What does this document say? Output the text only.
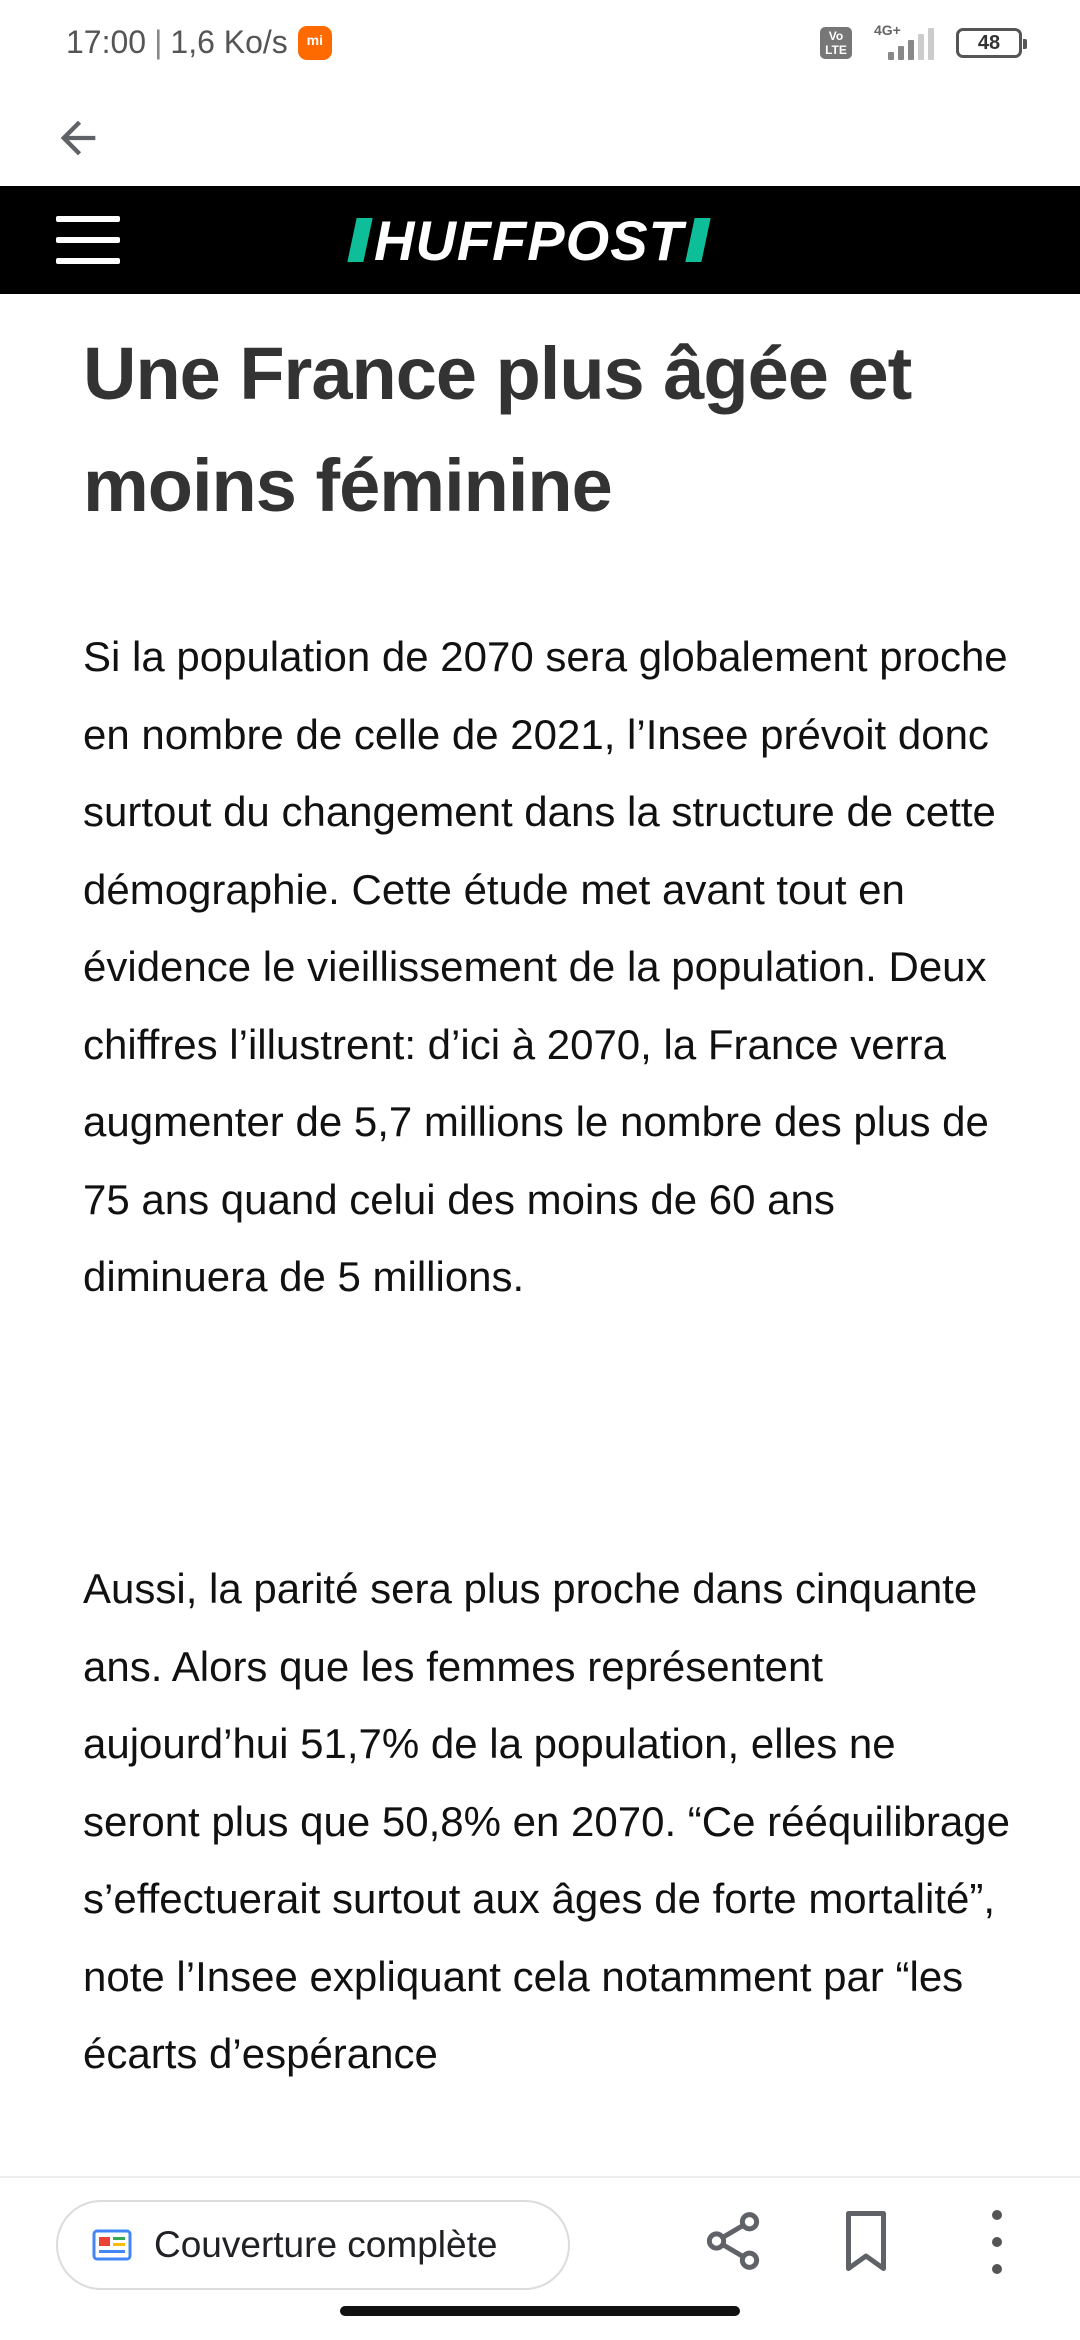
17:00 | 1,6 Ko/s
mi	Vo LTE
4G+
48
HUFFPOST
Une France plus âgée et moins féminine

Si la population de 2070 sera globalement proche en nombre de celle de 2021, l’Insee prévoit donc surtout du changement dans la structure de cette démographie. Cette étude met avant tout en évidence le vieillissement de la population. Deux chiffres l’illustrent: d’ici à 2070, la France verra augmenter de 5,7 millions le nombre des plus de 75 ans quand celui des moins de 60 ans diminuera de 5 millions.

Aussi, la parité sera plus proche dans cinquante ans. Alors que les femmes représentent aujourd’hui 51,7% de la population, elles ne seront plus que 50,8% en 2070. “Ce rééquilibrage s’effectuerait surtout aux âges de forte mortalité”, note l’Insee expliquant cela notamment par “les écarts d’espérance

Couverture complète
